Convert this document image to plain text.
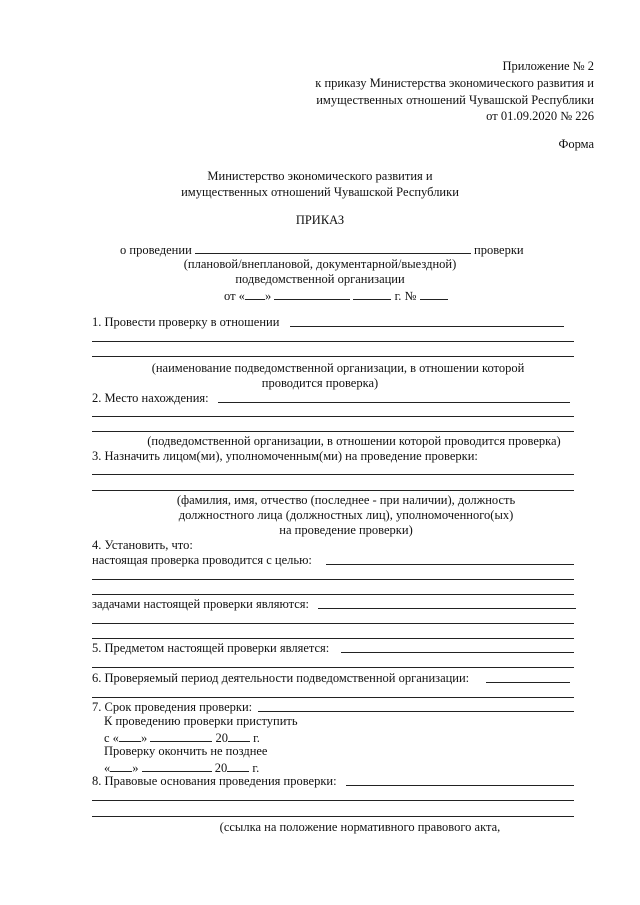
Приложение № 2
к приказу Министерства экономического развития и
имущественных отношений Чувашской Республики
от 01.09.2020 № 226
Форма
Министерство экономического развития и
имущественных отношений Чувашской Республики
ПРИКАЗ
о проведении	проверки
(плановой/внеплановой, документарной/выездной)
подведомственной организации
от « »	г. №
1. Провести проверку в отношении
(наименование подведомственной организации, в отношении которой
проводится проверка)
2. Место нахождения:
(подведомственной организации, в отношении которой проводится проверка)
3. Назначить лицом(ми), уполномоченным(ми) на проведение проверки:
(фамилия, имя, отчество (последнее - при наличии), должность
должностного лица (должностных лиц), уполномоченного(ых)
на проведение проверки)
4. Установить, что:
настоящая проверка проводится с целью:
задачами настоящей проверки являются:
5. Предметом настоящей проверки является:
6. Проверяемый период деятельности подведомственной организации:
7. Срок проведения проверки:
К проведению проверки приступить
с « »	20 г.
Проверку окончить не позднее
« »	20 г.
8. Правовые основания проведения проверки:
(ссылка на положение нормативного правового акта,
